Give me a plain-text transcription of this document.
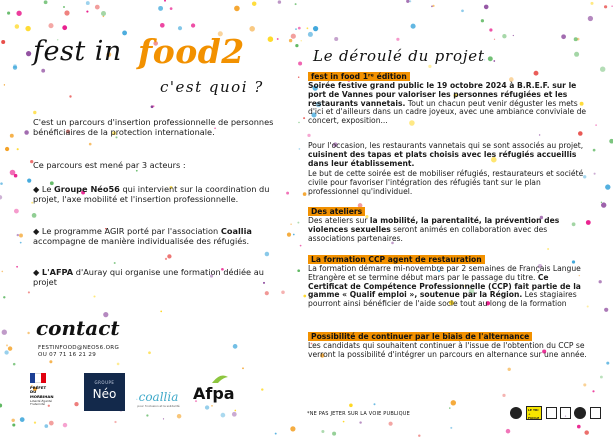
fest in food2
c'est quoi ?

C'est un parcours d'insertion professionnelle de personnes bénéficiaires de la protection internationale.

Ce parcours est mené par 3 acteurs :

◆ Le Groupe Néo56 qui intervient sur la coordination du projet, l'axe mobilité et l'insertion professionnelle.

◆ Le programme AGIR porté par l'association Coallia accompagne de manière individualisée des réfugiés.

◆ L'AFPA d'Auray qui organise une formation dédiée au projet

contact
FESTINFOOD@NEO56.ORG
OU 07 71 16 21 29
PRÉFET
DU MORBIHAN
Liberté Égalité Fraternité
GROUPE
Néo	coallia
pour l'inclusion et la solidarité
Afpa
Le déroulé du projet
fest in food 1ʳᵉ édition

Soirée festive grand public le 19 octobre 2024 à B.R.E.F. sur le port de Vannes pour valoriser les personnes réfugiées et les restaurants vannetais. Tout un chacun peut venir déguster les mets d'ici et d'ailleurs dans un cadre joyeux, avec une ambiance conviviale de concert, exposition...

Pour l'occasion, les restaurants vannetais qui se sont associés au projet, cuisinent des tapas et plats choisis avec les réfugiés accueillis dans leur établissement.

Le but de cette soirée est de mobiliser réfugiés, restaurateurs et société civile pour favoriser l'intégration des réfugiés tant sur le plan professionnel qu'individuel.

Des ateliers

Des ateliers sur la mobilité, la parentalité, la prévention des violences sexuelles seront animés en collaboration avec des associations partenaires.

La formation CCP agent de restauration

La formation démarre mi-novembre par 2 semaines de Français Langue Etrangère et se termine début mars par le passage du titre. Ce Certificat de Compétence Professionnelle (CCP) fait partie de la gamme « Qualif emploi », soutenue par la Région. Les stagiaires pourront ainsi bénéficier de l'aide socle tout au long de la formation

Possibilité de continuer par le biais de l'alternance

Les candidats qui souhaitent continuer à l'issue de l'obtention du CCP se verront la possibilité d'intégrer un parcours en alternance sur une année.

*NE PAS JETER SUR LA VOIE PUBLIQUE
LE TRI + FACILE
